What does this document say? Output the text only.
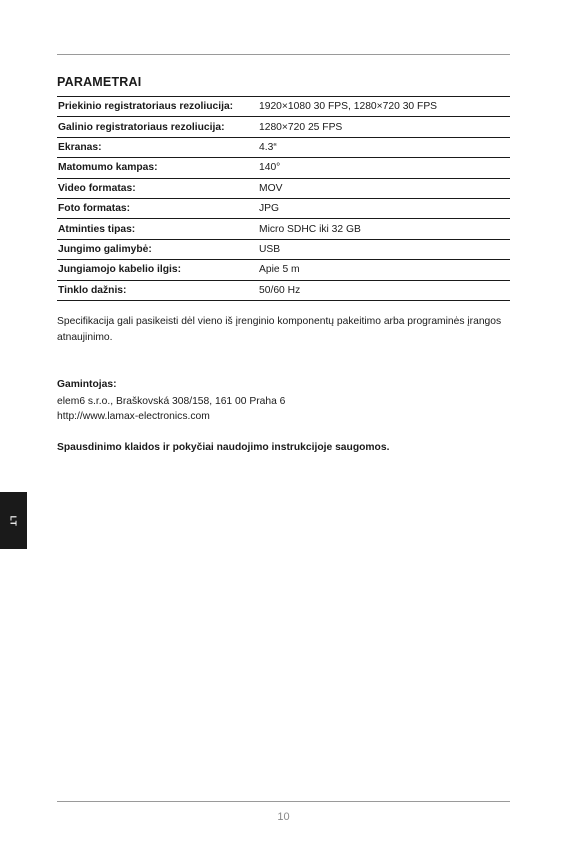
PARAMETRAI
Priekinio registratoriaus rezoliucija:	1920×1080 30 FPS, 1280×720 30 FPS
Galinio registratoriaus rezoliucija:	1280×720 25 FPS
Ekranas:	4.3“
Matomumo kampas:	140°
Video formatas:	MOV
Foto formatas:	JPG
Atminties tipas:	Micro SDHC iki 32 GB
Jungimo galimybė:	USB
Jungiamojo kabelio ilgis:	Apie 5 m
Tinklo dažnis:	50/60 Hz

Specifikacija gali pasikeisti dėl vieno iš įrenginio komponentų pakeitimo arba programinės įrangos atnaujinimo.

Gamintojas:

elem6 s.r.o., Braškovská 308/158, 161 00 Praha 6

http://www.lamax-electronics.com

Spausdinimo klaidos ir pokyčiai naudojimo instrukcijoje saugomos.

LT
10
